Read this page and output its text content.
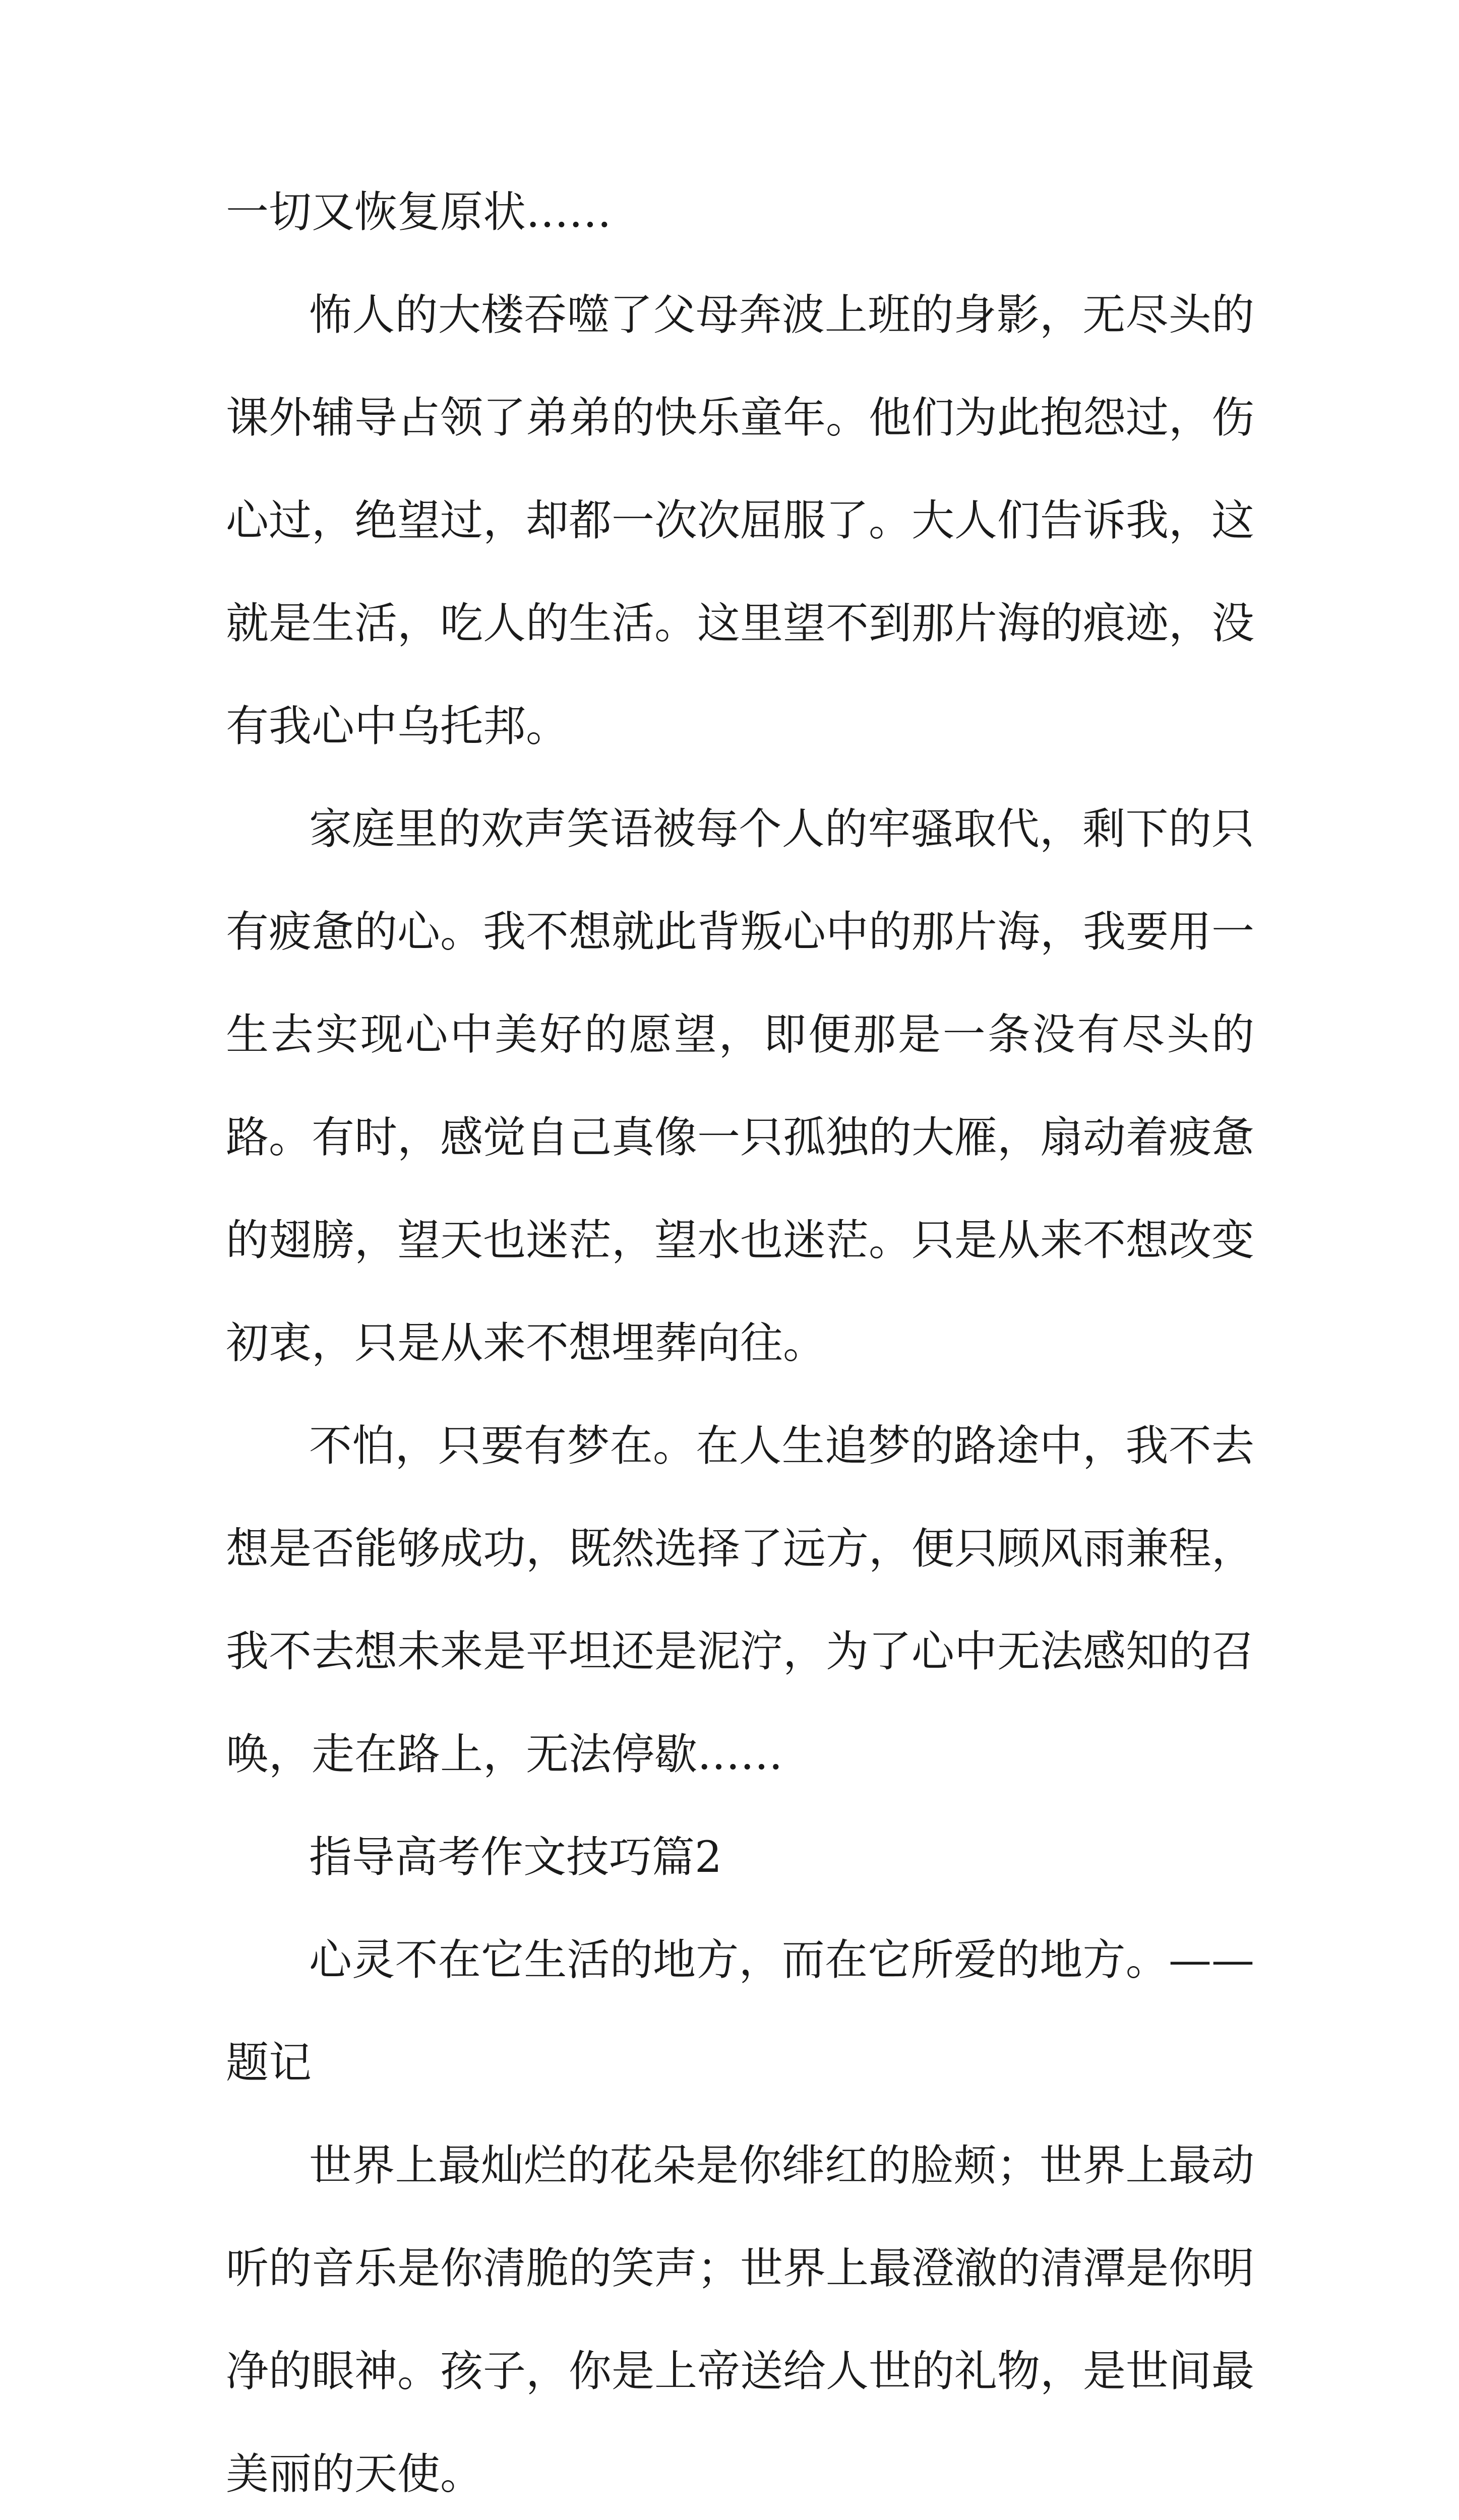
一切又恢复原状……

怖人的大楼吞噬了父母奔波上班的身影，无尽头的课外辅导占领了弟弟的快乐童年。他们为此抱怨过，伤心过，绝望过，却都一次次屈服了。大人们告诉我，这就是生活，吃人的生活。这里望不到那片海的痕迹，没有我心中乌托邦。

家庭里的欢声笑语被每个人的牢骚取代，剩下的只有疲惫的心。我不想就此背叛心中的那片海，我要用一生去实现心中美好的愿望，即便那是一条没有尽头的路。有时，感觉自己真像一只孤独的大雁，扇动着疲惫的翅膀，望天也迷茫，望水也迷茫。只是从来不想改变初衷，只是从来不想埋葬向往。

不怕，只要有梦在。在人生追梦的路途中，我不去想是否能够成功，既然选择了远方，便只顾风雨兼程，我不去想未来是平坦还是泥泞，为了心中无法感知的召唤，走在路上，无法停歇……

指导高考作文技巧篇2

心灵不在它生活的地方，而在它所爱的地方。——题记

世界上最灿烂的花朵是你绯红的脸颊；世界上最动听的音乐是你清脆的笑声；世界上最澄澈的清潭是你明净的眼神。孩子，你是上帝送给人世的礼物，是世间最美丽的天使。
